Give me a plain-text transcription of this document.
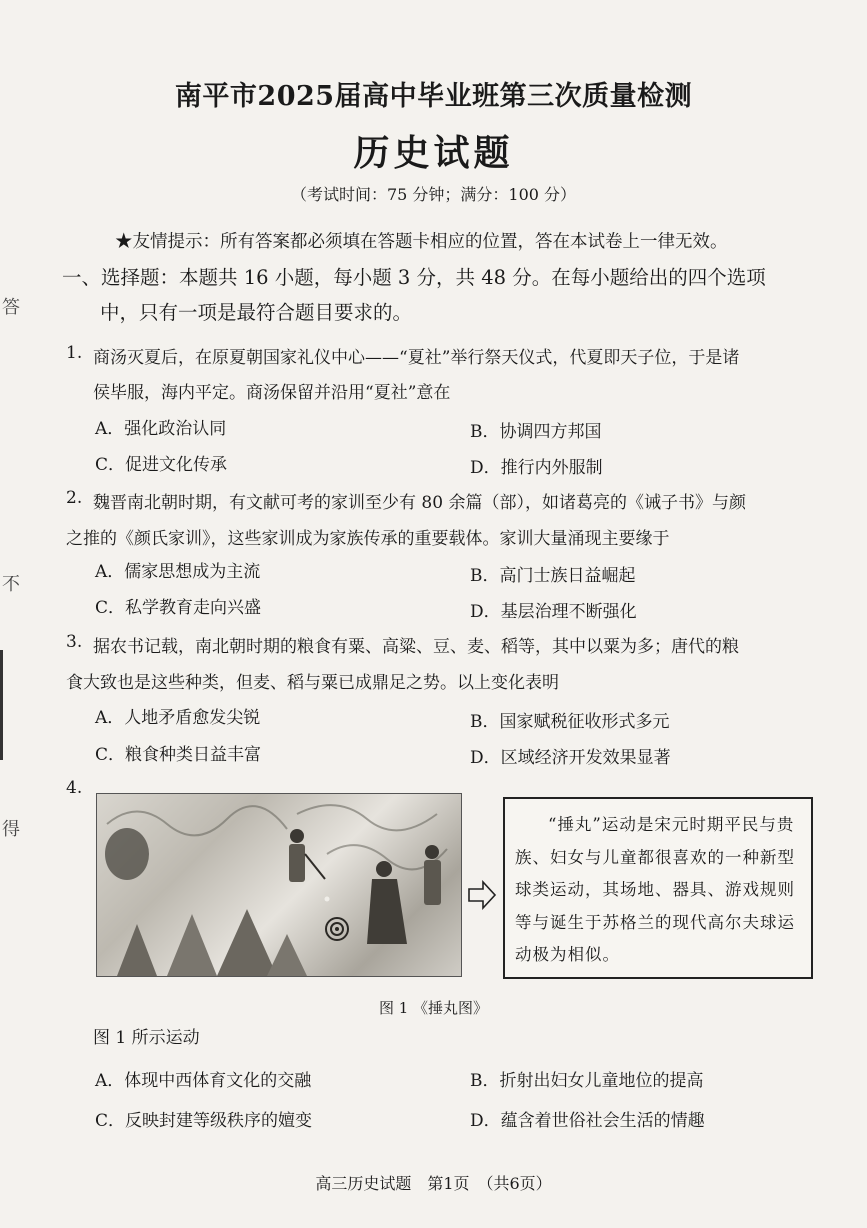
答
不
得
南平市2025届高中毕业班第三次质量检测
历史试题
（考试时间：75 分钟；满分：100 分）
★友情提示：所有答案都必须填在答题卡相应的位置，答在本试卷上一律无效。
一、选择题：本题共 16 小题，每小题 3 分，共 48 分。在每小题给出的四个选项
中，只有一项是最符合题目要求的。
1. 商汤灭夏后，在原夏朝国家礼仪中心——“夏社”举行祭天仪式，代夏即天子位，于是诸
侯毕服，海内平定。商汤保留并沿用“夏社”意在
A．强化政治认同	B．协调四方邦国
C．促进文化传承	D．推行内外服制
2. 魏晋南北朝时期，有文献可考的家训至少有 80 余篇（部），如诸葛亮的《诫子书》与颜
之推的《颜氏家训》，这些家训成为家族传承的重要载体。家训大量涌现主要缘于
A．儒家思想成为主流	B．高门士族日益崛起
C．私学教育走向兴盛	D．基层治理不断强化
3. 据农书记载，南北朝时期的粮食有粟、高粱、豆、麦、稻等，其中以粟为多；唐代的粮
食大致也是这些种类，但麦、稻与粟已成鼎足之势。以上变化表明
A．人地矛盾愈发尖锐	B．国家赋税征收形式多元
C．粮食种类日益丰富	D．区域经济开发效果显著
4.
“捶丸”运动是宋元时期平民与贵族、妇女与儿童都很喜欢的一种新型球类运动，其场地、器具、游戏规则等与诞生于苏格兰的现代高尔夫球运动极为相似。
图 1 《捶丸图》
图 1 所示运动
A．体现中西体育文化的交融	B．折射出妇女儿童地位的提高
C．反映封建等级秩序的嬗变	D．蕴含着世俗社会生活的情趣
高三历史试题　第1页　（共6页）
